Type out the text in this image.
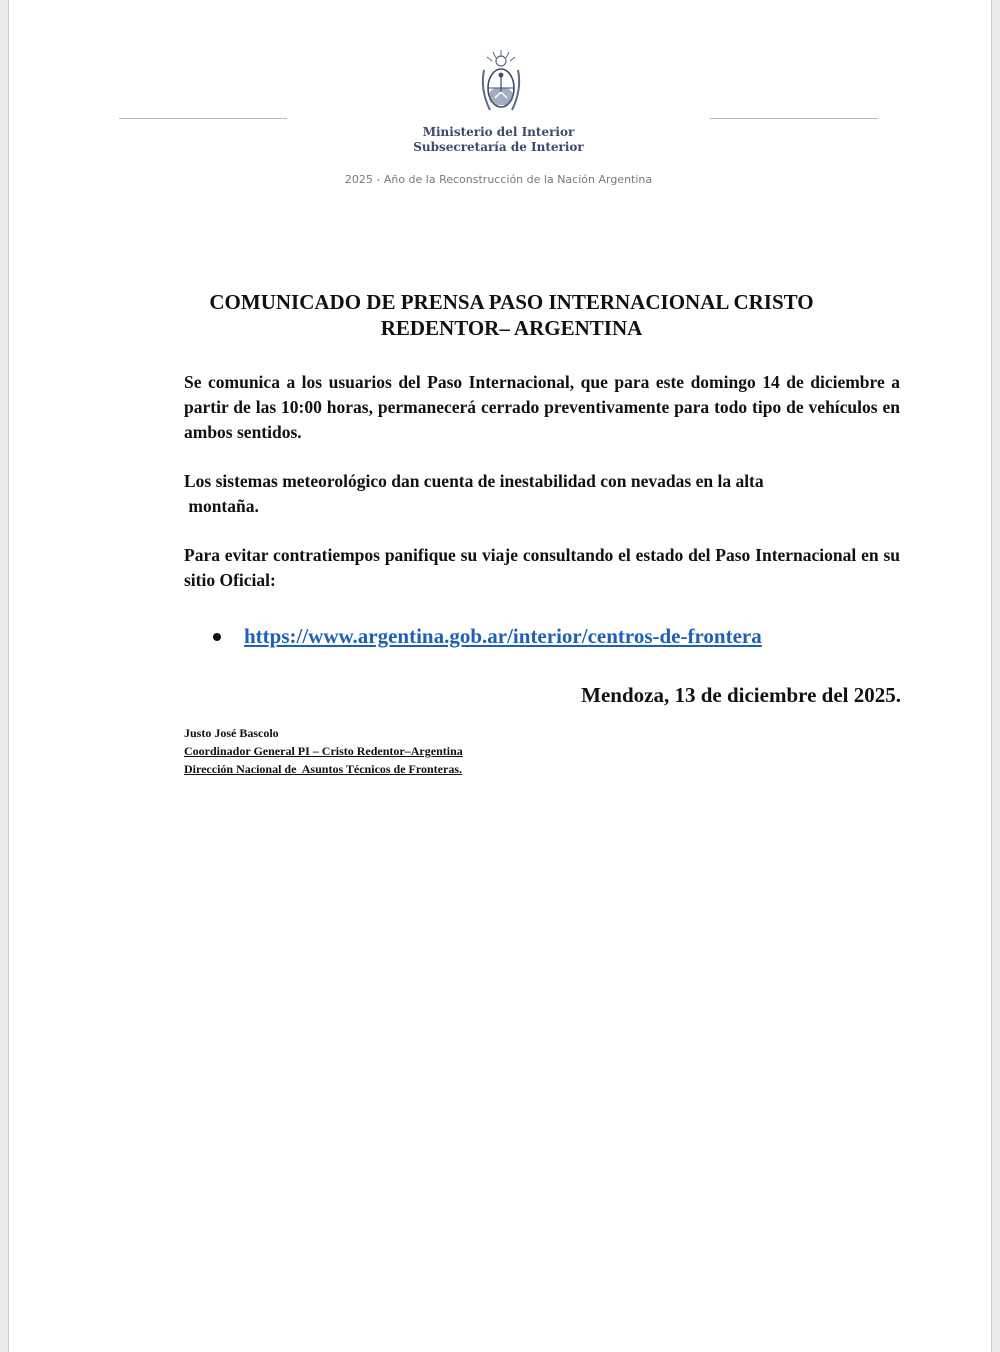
Ministerio del Interior
Subsecretaría de Interior
2025 - Año de la Reconstrucción de la Nación Argentina
COMUNICADO DE PRENSA PASO INTERNACIONAL CRISTO
REDENTOR– ARGENTINA
Se comunica a los usuarios del Paso Internacional, que para este domingo 14 de diciembre a partir de las 10:00 horas, permanecerá cerrado preventivamente para todo tipo de vehículos en ambos sentidos.
Los sistemas meteorológico dan cuenta de inestabilidad con nevadas en la alta
montaña.
Para evitar contratiempos panifique su viaje consultando el estado del Paso Internacional en su sitio Oficial:
https://www.argentina.gob.ar/interior/centros-de-frontera
Mendoza, 13 de diciembre del 2025.
Justo José Bascolo
Coordinador General PI – Cristo Redentor–Argentina
Dirección Nacional de  Asuntos Técnicos de Fronteras.
